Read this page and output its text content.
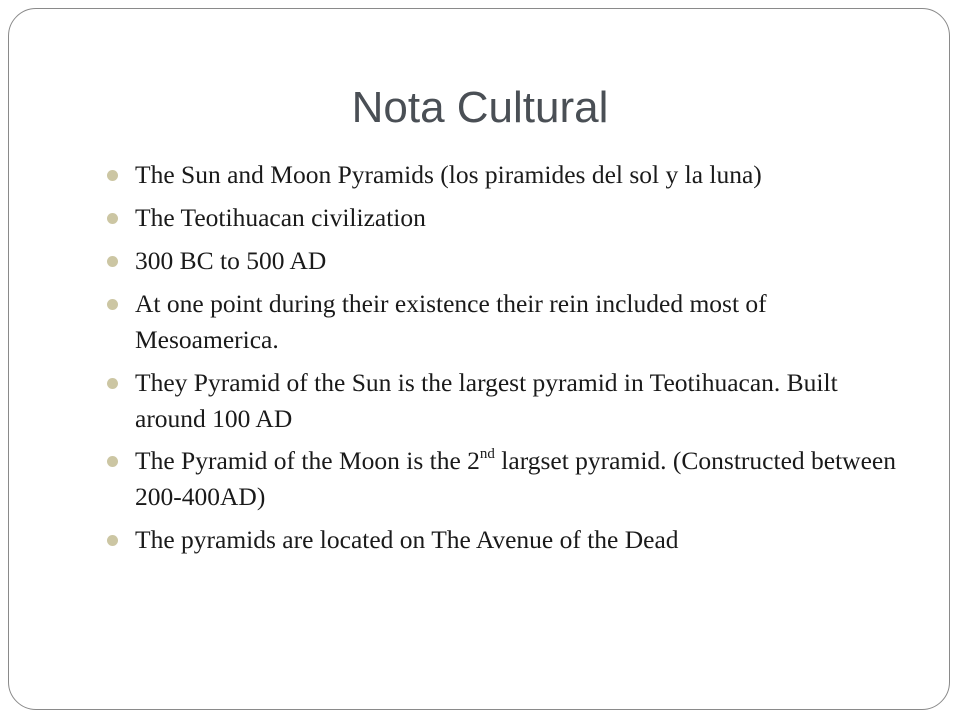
Nota Cultural
The Sun and Moon Pyramids (los piramides del sol y la luna)
The Teotihuacan civilization
300 BC to 500 AD
At one point during their existence their rein included most of Mesoamerica.
They Pyramid of the Sun is the largest pyramid in Teotihuacan. Built around 100 AD
The Pyramid of the Moon is the 2nd largset pyramid. (Constructed between 200-400AD)
The pyramids are located on The Avenue of the Dead
